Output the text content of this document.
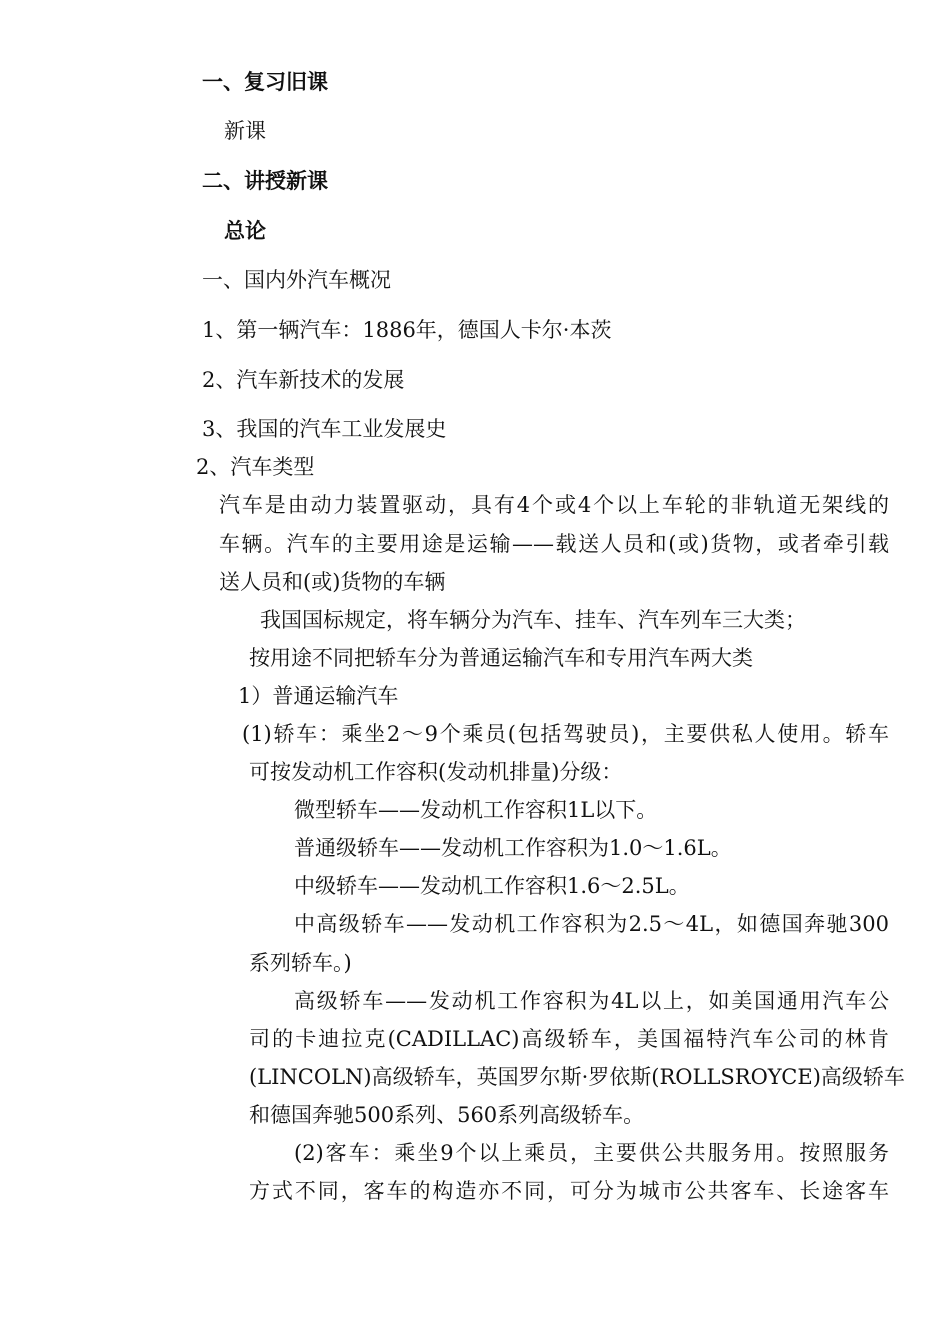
一、复习旧课
新课
二、讲授新课
总论
一、国内外汽车概况
1、第一辆汽车：1886年，德国人卡尔·本茨
2、汽车新技术的发展
3、我国的汽车工业发展史
2、汽车类型
汽车是由动力装置驱动，具有4个或4个以上车轮的非轨道无架线的
车辆。汽车的主要用途是运输——载送人员和(或)货物，或者牵引载
送人员和(或)货物的车辆
我国国标规定，将车辆分为汽车、挂车、汽车列车三大类；
按用途不同把轿车分为普通运输汽车和专用汽车两大类
1）普通运输汽车
(1)轿车：乘坐2～9个乘员(包括驾驶员)，主要供私人使用。轿车
可按发动机工作容积(发动机排量)分级：
微型轿车——发动机工作容积1L以下。
普通级轿车——发动机工作容积为1.0～1.6L。
中级轿车——发动机工作容积1.6～2.5L。
中高级轿车——发动机工作容积为2.5～4L，如德国奔驰300
系列轿车。)
高级轿车——发动机工作容积为4L以上，如美国通用汽车公
司的卡迪拉克(CADILLAC)高级轿车，美国福特汽车公司的林肯
(LINCOLN)高级轿车，英国罗尔斯·罗依斯(ROLLSROYCE)高级轿车
和德国奔驰500系列、560系列高级轿车。
(2)客车：乘坐9个以上乘员，主要供公共服务用。按照服务
方式不同，客车的构造亦不同，可分为城市公共客车、长途客车
